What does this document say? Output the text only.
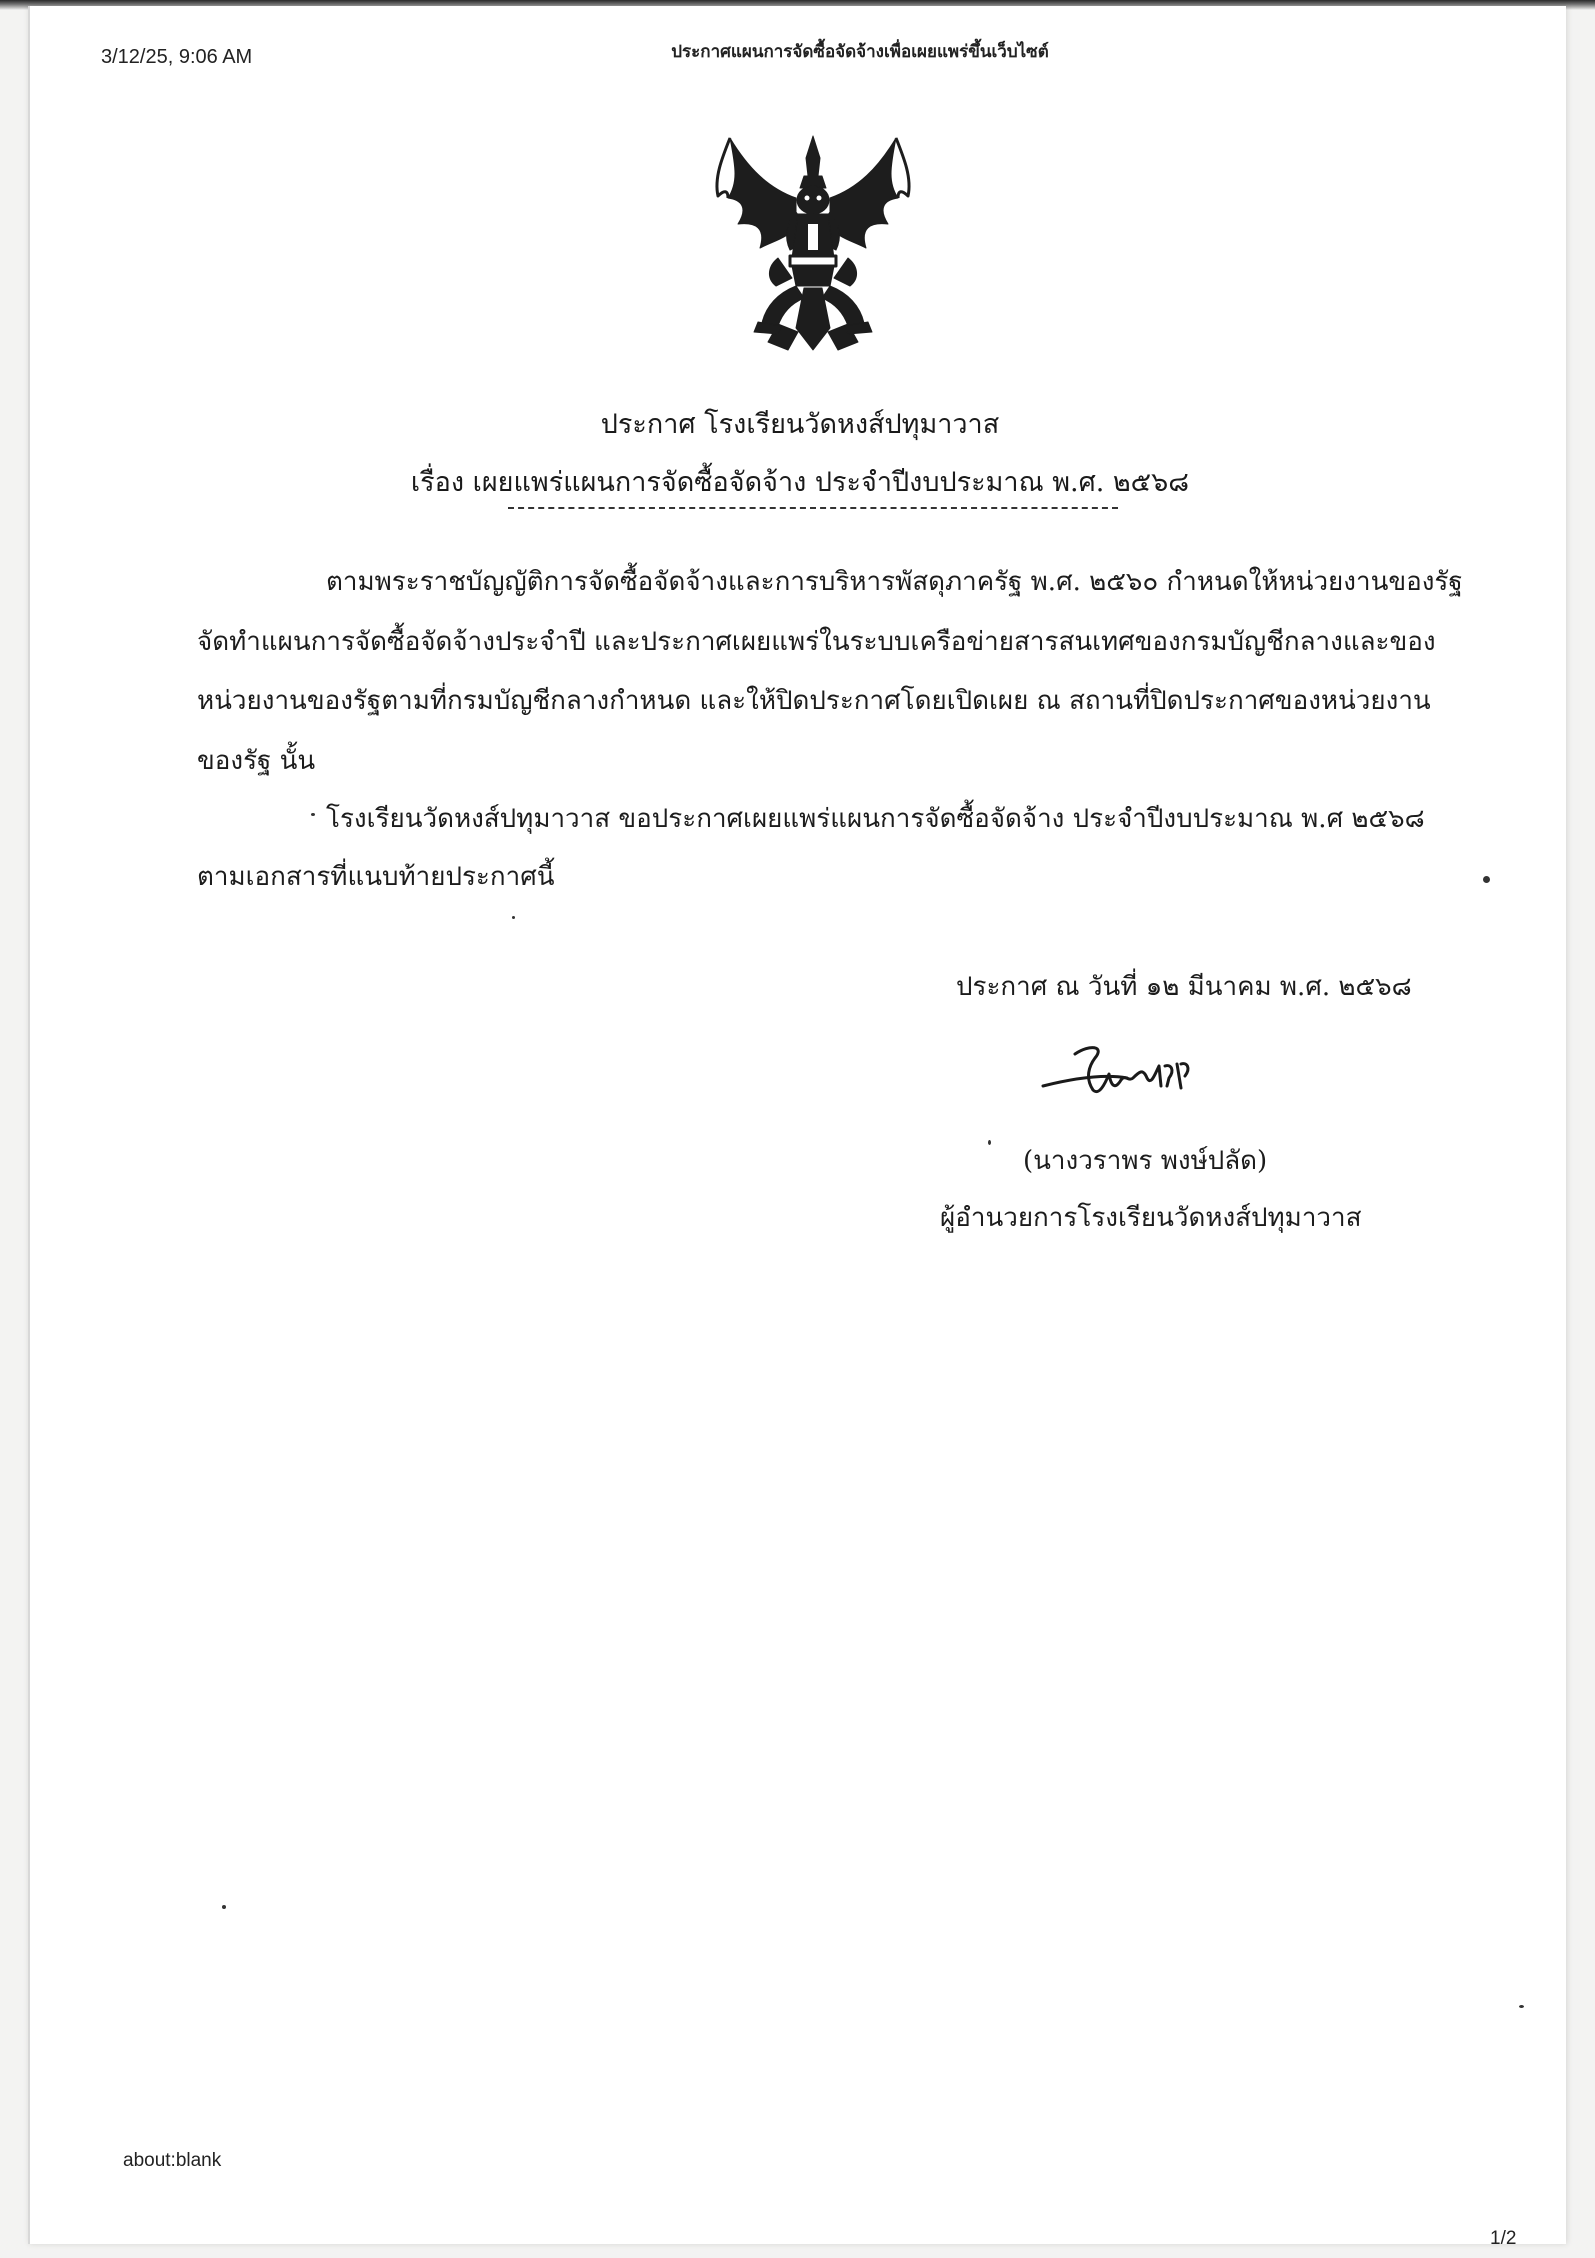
3/12/25, 9:06 AM	ประกาศแผนการจัดซื้อจัดจ้างเพื่อเผยแพร่ขึ้นเว็บไซต์
ประกาศ โรงเรียนวัดหงส์ปทุมาวาส
เรื่อง เผยแพร่แผนการจัดซื้อจัดจ้าง ประจำปีงบประมาณ พ.ศ. ๒๕๖๘
ตามพระราชบัญญัติการจัดซื้อจัดจ้างและการบริหารพัสดุภาครัฐ พ.ศ. ๒๕๖๐ กำหนดให้หน่วยงานของรัฐ
จัดทำแผนการจัดซื้อจัดจ้างประจำปี และประกาศเผยแพร่ในระบบเครือข่ายสารสนเทศของกรมบัญชีกลางและของ
หน่วยงานของรัฐตามที่กรมบัญชีกลางกำหนด และให้ปิดประกาศโดยเปิดเผย ณ สถานที่ปิดประกาศของหน่วยงาน
ของรัฐ นั้น
โรงเรียนวัดหงส์ปทุมาวาส ขอประกาศเผยแพร่แผนการจัดซื้อจัดจ้าง ประจำปีงบประมาณ พ.ศ ๒๕๖๘
ตามเอกสารที่แนบท้ายประกาศนี้
ประกาศ ณ วันที่ ๑๒ มีนาคม พ.ศ. ๒๕๖๘
(นางวราพร พงษ์ปลัด)
ผู้อำนวยการโรงเรียนวัดหงส์ปทุมาวาส
about:blank
1/2
